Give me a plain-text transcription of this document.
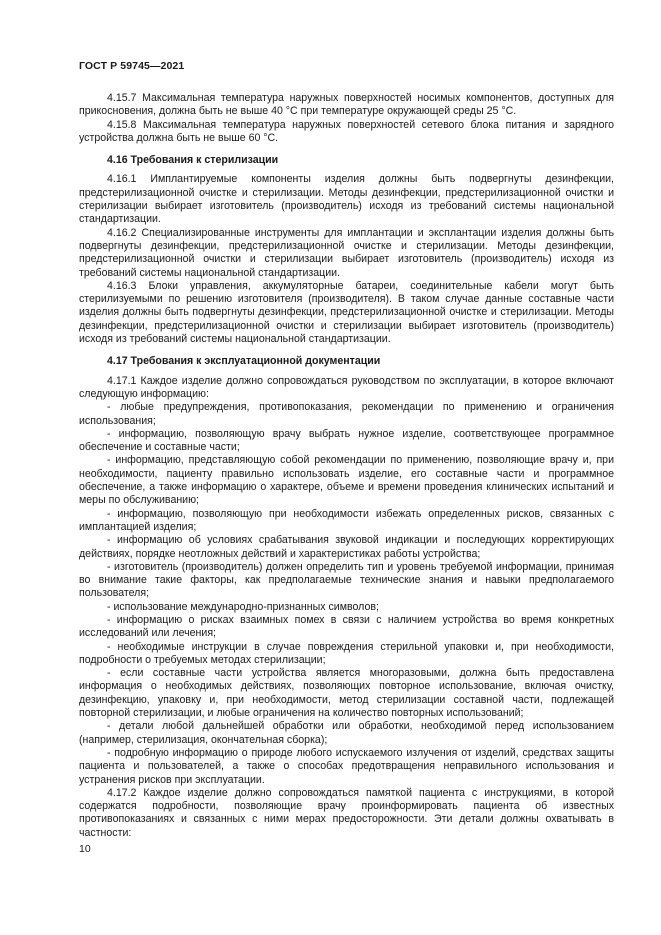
ГОСТ Р 59745—2021

4.15.7 Максимальная температура наружных поверхностей носимых компонентов, доступных для прикосновения, должна быть не выше 40 °С при температуре окружающей среды 25 °С.

4.15.8 Максимальная температура наружных поверхностей сетевого блока питания и зарядного устройства должна быть не выше 60 °С.

4.16 Требования к стерилизации

4.16.1 Имплантируемые компоненты изделия должны быть подвергнуты дезинфекции, предстерилизационной очистке и стерилизации. Методы дезинфекции, предстерилизационной очистки и стерилизации выбирает изготовитель (производитель) исходя из требований системы национальной стандартизации.

4.16.2 Специализированные инструменты для имплантации и эксплантации изделия должны быть подвергнуты дезинфекции, предстерилизационной очистке и стерилизации. Методы дезинфекции, предстерилизационной очистки и стерилизации выбирает изготовитель (производитель) исходя из требований системы национальной стандартизации.

4.16.3 Блоки управления, аккумуляторные батареи, соединительные кабели могут быть стерилизуемыми по решению изготовителя (производителя). В таком случае данные составные части изделия должны быть подвергнуты дезинфекции, предстерилизационной очистке и стерилизации. Методы дезинфекции, предстерилизационной очистки и стерилизации выбирает изготовитель (производитель) исходя из требований системы национальной стандартизации.

4.17 Требования к эксплуатационной документации

4.17.1 Каждое изделие должно сопровождаться руководством по эксплуатации, в которое включают следующую информацию:

- любые предупреждения, противопоказания, рекомендации по применению и ограничения использования;

- информацию, позволяющую врачу выбрать нужное изделие, соответствующее программное обеспечение и составные части;

- информацию, представляющую собой рекомендации по применению, позволяющие врачу и, при необходимости, пациенту правильно использовать изделие, его составные части и программное обеспечение, а также информацию о характере, объеме и времени проведения клинических испытаний и меры по обслуживанию;

- информацию, позволяющую при необходимости избежать определенных рисков, связанных с имплантацией изделия;

- информацию об условиях срабатывания звуковой индикации и последующих корректирующих действиях, порядке неотложных действий и характеристиках работы устройства;

- изготовитель (производитель) должен определить тип и уровень требуемой информации, принимая во внимание такие факторы, как предполагаемые технические знания и навыки предполагаемого пользователя;

- использование международно-признанных символов;

- информацию о рисках взаимных помех в связи с наличием устройства во время конкретных исследований или лечения;

- необходимые инструкции в случае повреждения стерильной упаковки и, при необходимости, подробности о требуемых методах стерилизации;

- если составные части устройства является многоразовыми, должна быть предоставлена информация о необходимых действиях, позволяющих повторное использование, включая очистку, дезинфекцию, упаковку и, при необходимости, метод стерилизации составной части, подлежащей повторной стерилизации, и любые ограничения на количество повторных использований;

- детали любой дальнейшей обработки или обработки, необходимой перед использованием (например, стерилизация, окончательная сборка);

- подробную информацию о природе любого испускаемого излучения от изделий, средствах защиты пациента и пользователей, а также о способах предотвращения неправильного использования и устранения рисков при эксплуатации.

4.17.2 Каждое изделие должно сопровождаться памяткой пациента с инструкциями, в которой содержатся подробности, позволяющие врачу проинформировать пациента об известных противопоказаниях и связанных с ними мерах предосторожности. Эти детали должны охватывать в частности:

10
